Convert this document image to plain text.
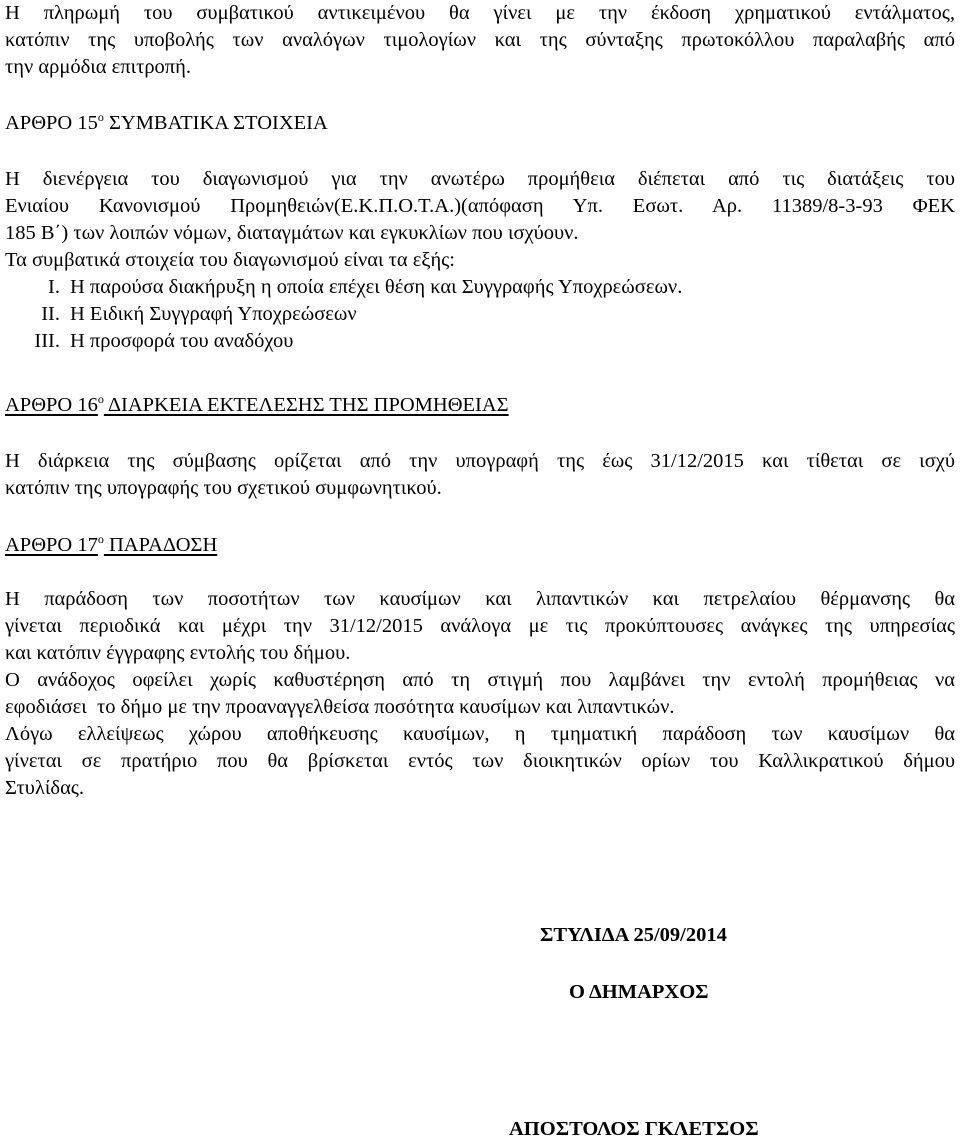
Η πληρωμή του συμβατικού αντικειμένου θα γίνει με την έκδοση χρηματικού εντάλματος,
κατόπιν της υποβολής των αναλόγων τιμολογίων και της σύνταξης πρωτοκόλλου παραλαβής από
την αρμόδια επιτροπή.
ΑΡΘΡΟ $15^o$ ΣΥΜΒΑΤΙΚΑ ΣΤΟΙΧΕΙΑ
Η διενέργεια του διαγωνισμού για την ανωτέρω προμήθεια διέπεται από τις διατάξεις του
Ενιαίου Κανονισμού Προμηθειών(Ε.Κ.Π.Ο.Τ.Α.)(απόφαση Υπ. Εσωτ. Αρ. 11389/8-3-93 ΦΕΚ
185 Β΄) των λοιπών νόμων, διαταγμάτων και εγκυκλίων που ισχύουν.
Τα συμβατικά στοιχεία του διαγωνισμού είναι τα εξής:
Ι. Η παρούσα διακήρυξη η οποία επέχει θέση και Συγγραφής Υποχρεώσεων.
ΙΙ. Η Ειδική Συγγραφή Υποχρεώσεων
ΙΙΙ. Η προσφορά του αναδόχου
ΑΡΘΡΟ $16^o$ ΔΙΑΡΚΕΙΑ ΕΚΤΕΛΕΣΗΣ ΤΗΣ ΠΡΟΜΗΘΕΙΑΣ
Η διάρκεια της σύμβασης ορίζεται από την υπογραφή της έως 31/12/2015 και τίθεται σε ισχύ
κατόπιν της υπογραφής του σχετικού συμφωνητικού.
ΑΡΘΡΟ $17^o$ ΠΑΡΑΔΟΣΗ
Η παράδοση των ποσοτήτων των καυσίμων και λιπαντικών και πετρελαίου θέρμανσης θα
γίνεται περιοδικά και μέχρι την 31/12/2015 ανάλογα με τις προκύπτουσες ανάγκες της υπηρεσίας
και κατόπιν έγγραφης εντολής του δήμου.
Ο ανάδοχος οφείλει χωρίς καθυστέρηση από τη στιγμή που λαμβάνει την εντολή προμήθειας να
εφοδιάσει  το δήμο με την προαναγγελθείσα ποσότητα καυσίμων και λιπαντικών.
Λόγω ελλείψεως χώρου αποθήκευσης καυσίμων, η τμηματική παράδοση των καυσίμων θα
γίνεται σε πρατήριο που θα βρίσκεται εντός των διοικητικών ορίων του Καλλικρατικού δήμου
Στυλίδας.
ΣΤΥΛΙΔΑ 25/09/2014
Ο ΔΗΜΑΡΧΟΣ
ΑΠΟΣΤΟΛΟΣ ΓΚΛΕΤΣΟΣ
